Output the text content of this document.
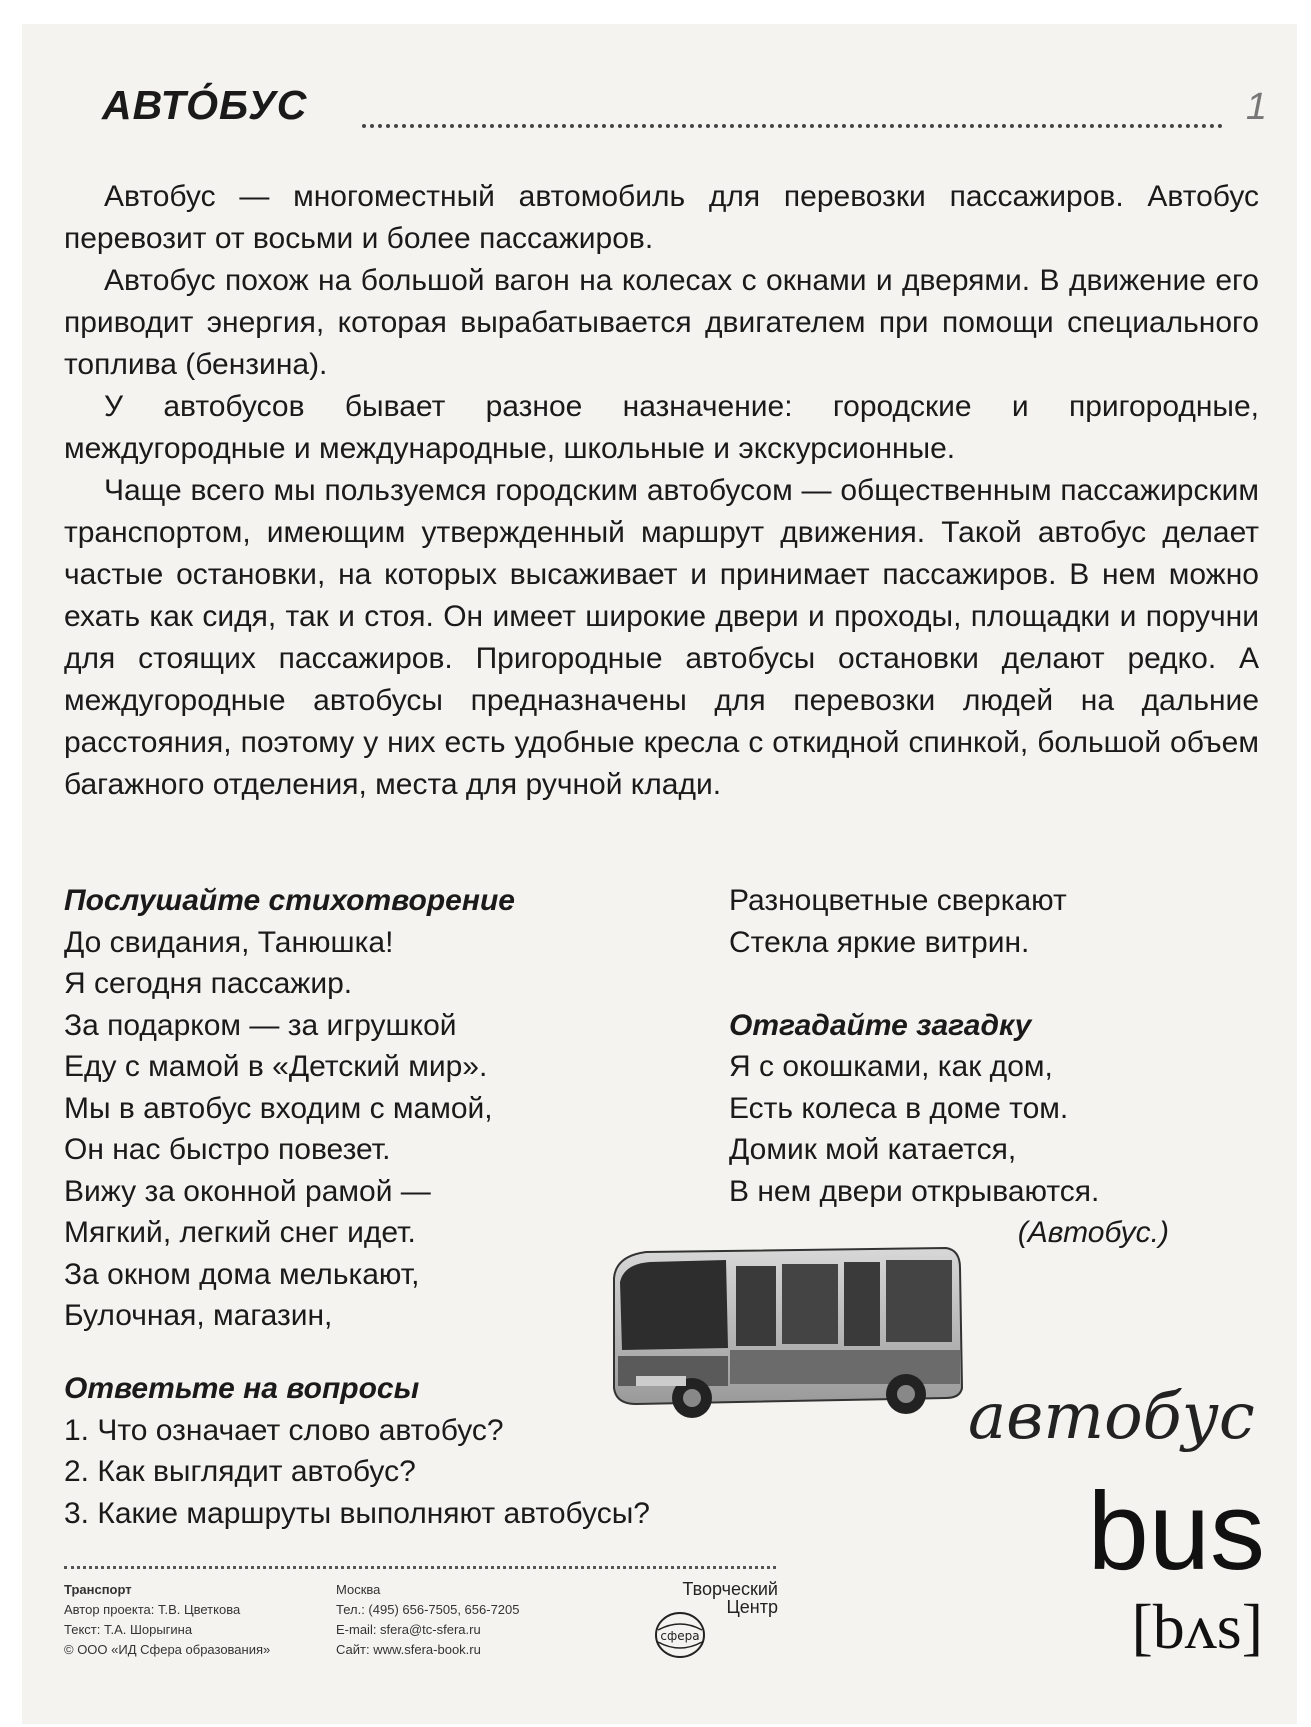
АВТО́БУС	1

Автобус — многоместный автомобиль для перевозки пассажиров. Автобус перевозит от восьми и более пассажиров.

Автобус похож на большой вагон на колесах с окнами и дверями. В движение его приводит энергия, которая вырабатывается двигателем при помощи специального топлива (бензина).

У автобусов бывает разное назначение: городские и пригородные, междугородные и международные, школьные и экскурсионные.

Чаще всего мы пользуемся городским автобусом — общественным пассажирским транспортом, имеющим утвержденный маршрут движения. Такой автобус делает частые остановки, на которых высаживает и принимает пассажиров. В нем можно ехать как сидя, так и стоя. Он имеет широкие двери и проходы, площадки и поручни для стоящих пассажиров. Пригородные автобусы остановки делают редко. А междугородные автобусы предназначены для перевозки людей на дальние расстояния, поэтому у них есть удобные кресла с откидной спинкой, большой объем багажного отделения, места для ручной клади.

Послушайте стихотворение
До свидания, Танюшка!
Я сегодня пассажир.
За подарком — за игрушкой
Еду с мамой в «Детский мир».
Мы в автобус входим с мамой,
Он нас быстро повезет.
Вижу за оконной рамой —
Мягкий, легкий снег идет.
За окном дома мелькают,
Булочная, магазин,
Разноцветные сверкают
Стекла яркие витрин.
Отгадайте загадку
Я с окошками, как дом,
Есть колеса в доме том.
Домик мой катается,
В нем двери открываются.
(Автобус.)
Ответьте на вопросы
1. Что означает слово автобус?
2. Как выглядит автобус?
3. Какие маршруты выполняют автобусы?
автобус
bus
[bʌs]
Транспорт
Автор проекта: Т.В. Цветкова
Текст: Т.А. Шорыгина
© ООО «ИД Сфера образования»
Москва
Тел.: (495) 656-7505, 656-7205
E-mail: sfera@tc-sfera.ru
Сайт: www.sfera-book.ru
Творческий
Центр
сфера
